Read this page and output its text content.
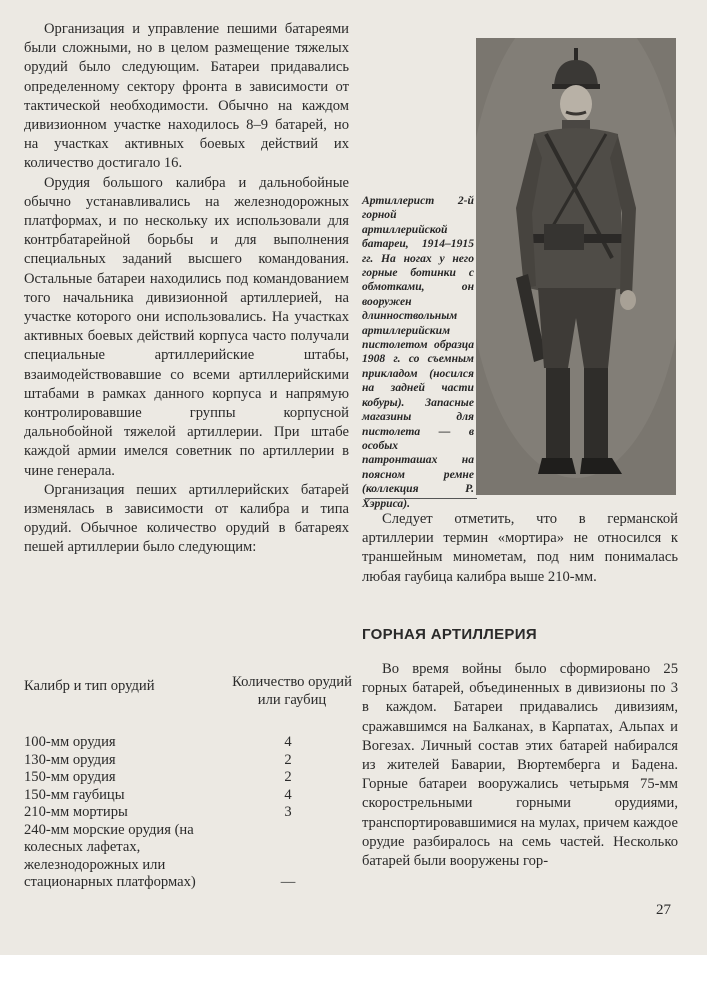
Организация и управление пешими батареями были сложными, но в целом размещение тяжелых орудий было следующим. Батареи придавались определенному сектору фронта в зависимости от тактической необходимости. Обычно на каждом дивизионном участке находилось 8–9 батарей, но на участках активных боевых действий их количество достигало 16.

Орудия большого калибра и дальнобойные обычно устанавливались на железнодорожных платформах, и по нескольку их использовали для контрбатарейной борьбы и для выполнения специальных заданий высшего командования. Остальные батареи находились под командованием того начальника дивизионной артиллерией, на участке которого они использовались. На участках активных боевых действий корпуса часто получали специальные артиллерийские штабы, взаимодействовавшие со всеми артиллерийскими штабами в рамках данного корпуса и напрямую контролировавшие группы корпусной дальнобойной тяжелой артиллерии. При штабе каждой армии имелся советник по артиллерии в чине генерала.

Организация пеших артиллерийских батарей изменялась в зависимости от калибра и типа орудий. Обычное количество орудий в батареях пешей артиллерии было следующим:

Калибр и тип орудий	Количество орудий или гаубиц
100-мм орудия	4
130-мм орудия	2
150-мм орудия	2
150-мм гаубицы	4
210-мм мортиры	3
240-мм морские орудия (на колесных лафетах, железнодорожных или стационарных платформах)	—
Артиллерист 2-й горной артиллерийской батареи, 1914–1915 гг. На ногах у него горные ботинки с обмотками, он вооружен длинноствольным артиллерийским пистолетом образца 1908 г. со съемным прикладом (носился на задней части кобуры). Запасные магазины для пистолета — в особых патронташах на поясном ремне (коллекция Р. Хэрриса).

Следует отметить, что в германской артиллерии термин «мортира» не относился к траншейным минометам, под ним понималась любая гаубица калибра выше 210-мм.

ГОРНАЯ АРТИЛЛЕРИЯ

Во время войны было сформировано 25 горных батарей, объединенных в дивизионы по 3 в каждом. Батареи придавались дивизиям, сражавшимся на Балканах, в Карпатах, Альпах и Вогезах. Личный состав этих батарей набирался из жителей Баварии, Вюртемберга и Бадена. Горные батареи вооружались четырьмя 75-мм скорострельными горными орудиями, транспортировавшимися на мулах, причем каждое орудие разбиралось на семь частей. Несколько батарей были вооружены гор-

27
